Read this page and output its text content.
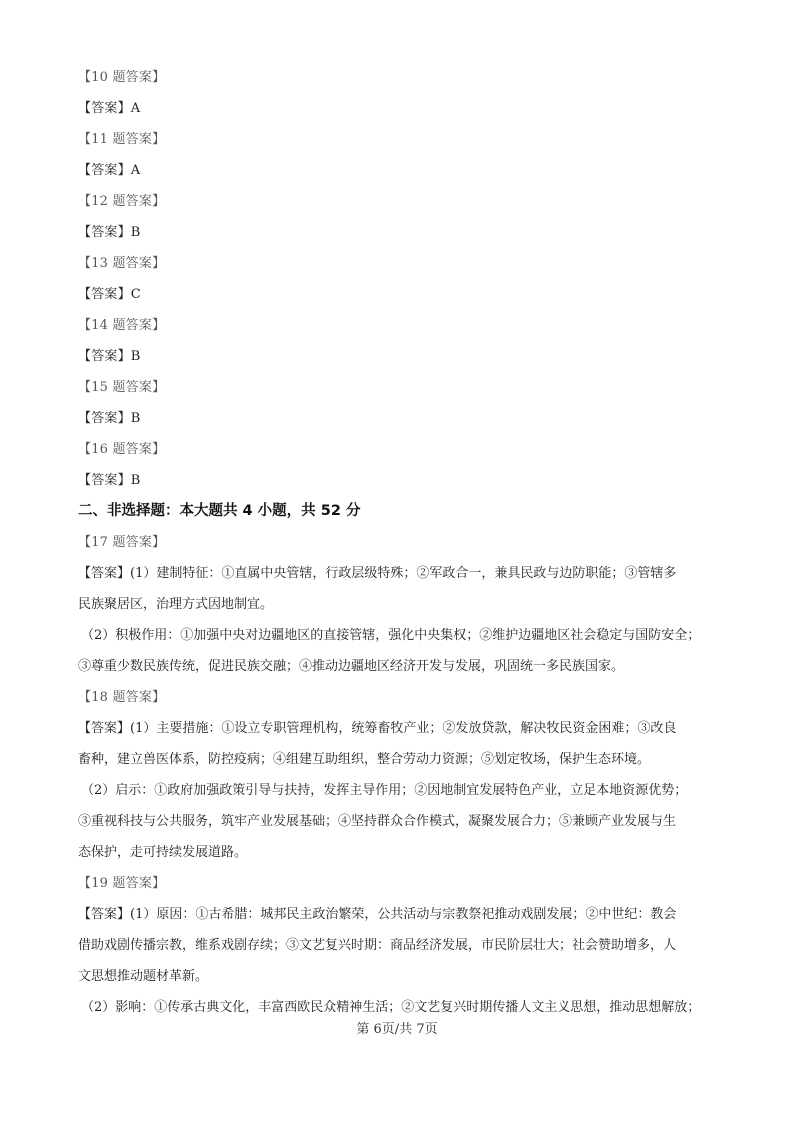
【10 题答案】
【答案】A
【11 题答案】
【答案】A
【12 题答案】
【答案】B
【13 题答案】
【答案】C
【14 题答案】
【答案】B
【15 题答案】
【答案】B
【16 题答案】
【答案】B
二、非选择题：本大题共 4 小题，共 52 分
【17 题答案】

【答案】(1）建制特征：①直属中央管辖，行政层级特殊；②军政合一，兼具民政与边防职能；③管辖多

民族聚居区，治理方式因地制宜。

（2）积极作用：①加强中央对边疆地区的直接管辖，强化中央集权；②维护边疆地区社会稳定与国防安全；

③尊重少数民族传统，促进民族交融；④推动边疆地区经济开发与发展，巩固统一多民族国家。

【18 题答案】

【答案】(1）主要措施：①设立专职管理机构，统筹畜牧产业；②发放贷款，解决牧民资金困难；③改良

畜种，建立兽医体系，防控疫病；④组建互助组织，整合劳动力资源；⑤划定牧场，保护生态环境。

（2）启示：①政府加强政策引导与扶持，发挥主导作用；②因地制宜发展特色产业，立足本地资源优势；

③重视科技与公共服务，筑牢产业发展基础；④坚持群众合作模式，凝聚发展合力；⑤兼顾产业发展与生

态保护，走可持续发展道路。

【19 题答案】

【答案】(1）原因：①古希腊：城邦民主政治繁荣，公共活动与宗教祭祀推动戏剧发展；②中世纪：教会

借助戏剧传播宗教，维系戏剧存续；③文艺复兴时期：商品经济发展，市民阶层壮大；社会赞助增多，人

文思想推动题材革新。

（2）影响：①传承古典文化，丰富西欧民众精神生活；②文艺复兴时期传播人文主义思想，推动思想解放；

第 6页/共 7页
